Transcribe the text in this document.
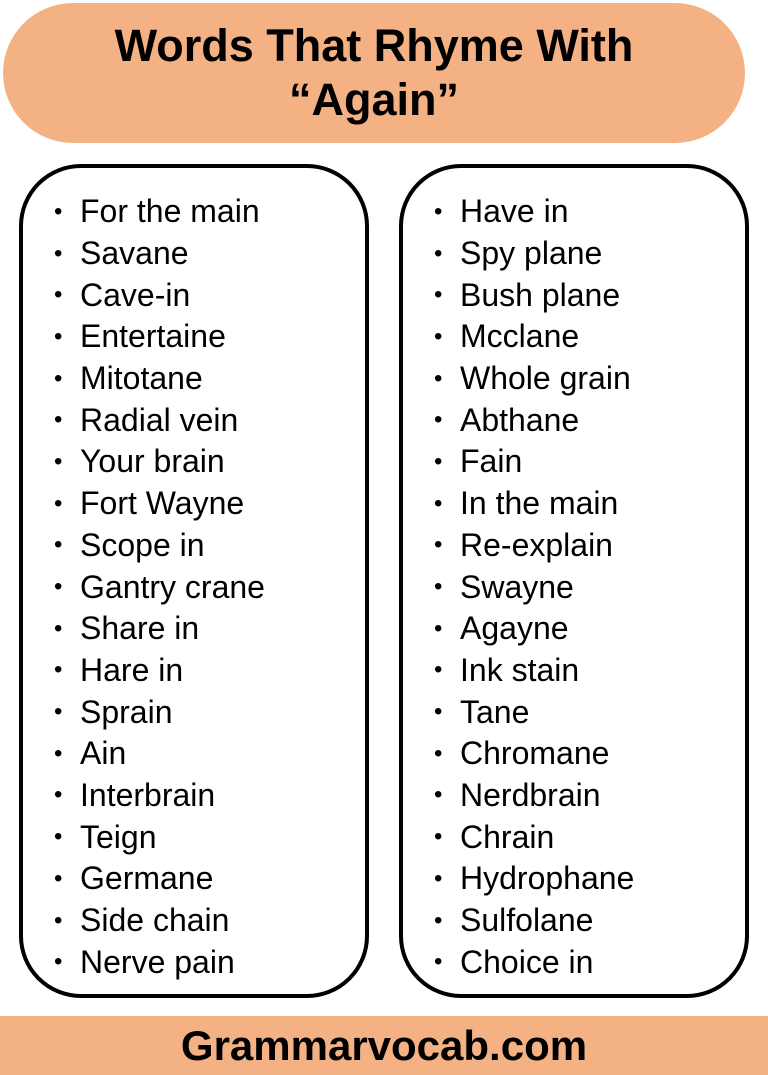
Words That Rhyme With
“Again”
• For the main
• Savane
• Cave-in
• Entertaine
• Mitotane
• Radial vein
• Your brain
• Fort Wayne
• Scope in
• Gantry crane
• Share in
• Hare in
• Sprain
• Ain
• Interbrain
• Teign
• Germane
• Side chain
• Nerve pain
• Have in
• Spy plane
• Bush plane
• Mcclane
• Whole grain
• Abthane
• Fain
• In the main
• Re-explain
• Swayne
• Agayne
• Ink stain
• Tane
• Chromane
• Nerdbrain
• Chrain
• Hydrophane
• Sulfolane
• Choice in
Grammarvocab.com
